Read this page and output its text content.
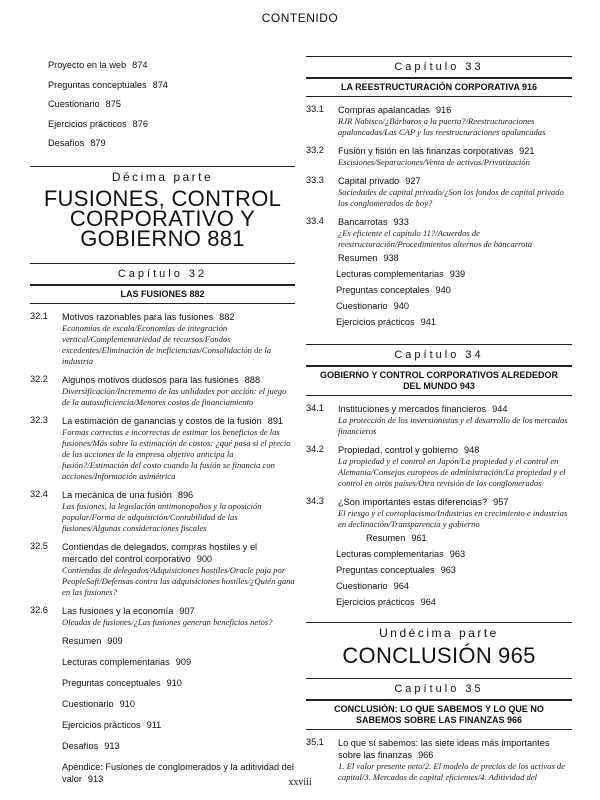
CONTENIDO
Proyecto en la web 874
Preguntas conceptuales 874
Cuestionario 875
Ejercicios prácticos 876
Desafíos 879
Décima parte
FUSIONES, CONTROL
CORPORATIVO Y
GOBIERNO 881
Capítulo 32
LAS FUSIONES 882
32.1 Motivos razonables para las fusiones 882
Economías de escala/Economías de integración vertical/Complementariedad de recursos/Fondos excedentes/Eliminación de ineficiencias/Consolidación de la industria
32.2 Algunos motivos dudosos para las fusiones 888
Diversificación/Incremento de las utilidades por acción: el juego de la autosuficiencia/Menores costos de financiamiento
32.3 La estimación de ganancias y costos de la fusión 891
Formas correctas e incorrectas de estimar los beneficios de las fusiones/Más sobre la estimación de costos: ¿qué pasa si el precio de las acciones de la empresa objetivo anticipa la fusión?/Estimación del costo cuando la fusión se financia con acciones/Información asimétrica
32.4 La mecánica de una fusión 896
Las fusiones, la legislación antimonopolios y la oposición popular/Forma de adquisición/Contabilidad de las fusiones/Algunas consideraciones fiscales
32.5 Contiendas de delegados, compras hostiles y el mercado del control corporativo 900
Contiendas de delegados/Adquisiciones hostiles/Oracle puja por PeopleSoft/Defensas contra las adquisiciones hostiles/¿Quién gana en las fusiones?
32.6 Las fusiones y la economía 907
Oleadas de fusiones/¿Las fusiones generan beneficios netos?
Resumen 909
Lecturas complementarias 909
Preguntas conceptuales 910
Cuestionario 910
Ejercicios prácticos 911
Desafíos 913
Apéndice: Fusiones de conglomerados y la aditividad del valor 913
Capítulo 33
LA REESTRUCTURACIÓN CORPORATIVA 916
33.1 Compras apalancadas 916
RJR Nabisco/¿Bárbaros a la puerta?/Reestructuraciones apalancadas/Las CAP y las reestructuraciones apalancadas
33.2 Fusión y fisión en las finanzas corporativas 921
Escisiones/Separaciones/Venta de activos/Privatización
33.3 Capital privado 927
Sociedades de capital privado/¿Son los fondos de capital privado los conglomerados de hoy?
33.4 Bancarrotas 933
¿Es eficiente el capítulo 11?/Acuerdos de reestructuración/Procedimientos alternos de bancarrota
Resumen 938
Lecturas complementarias 939
Preguntas conceptales 940
Cuestionario 940
Ejercicios prácticos 941
Capítulo 34
GOBIERNO Y CONTROL CORPORATIVOS ALREDEDOR
DEL MUNDO 943
34.1 Instituciones y mercados financieros 944
La protección de los inversionistas y el desarrollo de los mercados financieros
34.2 Propiedad, control y gobierno 948
La propiedad y el control en Japón/La propiedad y el control en Alemania/Consejos europeos de administración/La propiedad y el control en otros países/Otra revisión de los conglomerados
34.3 ¿Son importantes estas diferencias? 957
El riesgo y el cortoplacismo/Industrias en crecimiento e industrias en declinación/Transparencia y gobierno
Resumen 961
Lecturas complementarias 963
Preguntas conceptuales 963
Cuestionario 964
Ejercicios prácticos 964
Undécima parte
CONCLUSIÓN 965
Capítulo 35
CONCLUSIÓN: LO QUE SABEMOS Y LO QUE NO
SABEMOS SOBRE LAS FINANZAS 966
35.1 Lo que sí sabemos: las siete ideas más importantes sobre las finanzas 966
1. El valor presente neto/2. El modelo de precios de los activos de capital/3. Mercados de capital eficientes/4. Aditividad del
xxviii
